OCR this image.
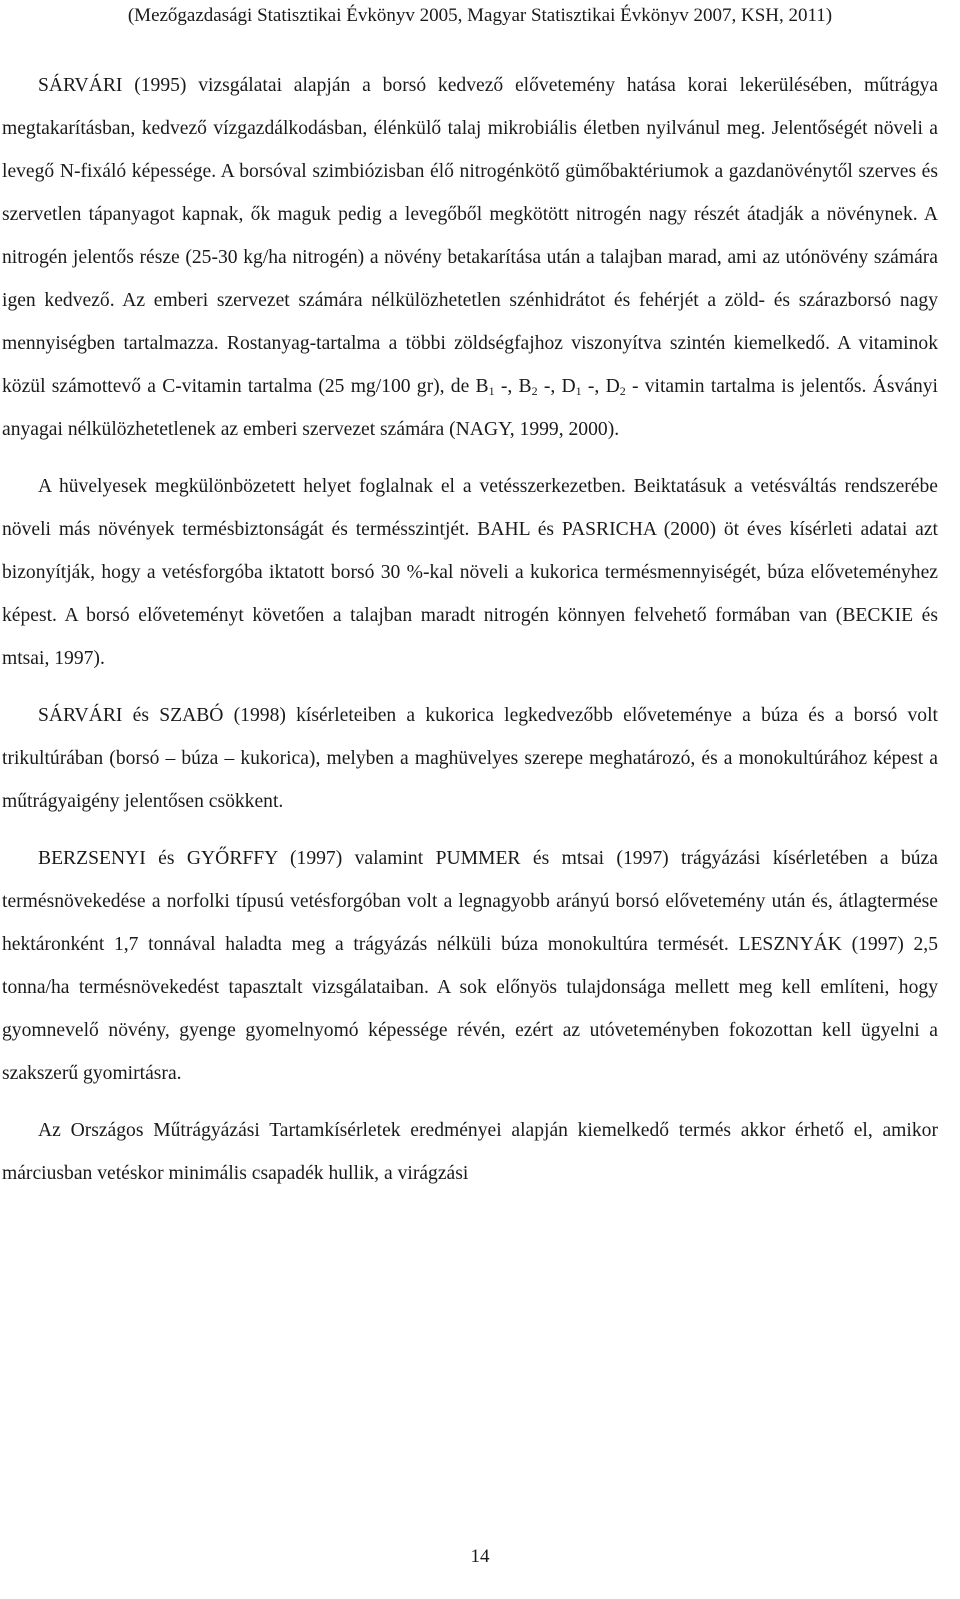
(Mezőgazdasági Statisztikai Évkönyv 2005, Magyar Statisztikai Évkönyv 2007, KSH, 2011)

SÁRVÁRI (1995) vizsgálatai alapján a borsó kedvező elővetemény hatása korai lekerülésében, műtrágya megtakarításban, kedvező vízgazdálkodásban, élénkülő talaj mikrobiális életben nyilvánul meg. Jelentőségét növeli a levegő N-fixáló képessége. A borsóval szimbiózisban élő nitrogénkötő gümőbaktériumok a gazdanövénytől szerves és szervetlen tápanyagot kapnak, ők maguk pedig a levegőből megkötött nitrogén nagy részét átadják a növénynek. A nitrogén jelentős része (25-30 kg/ha nitrogén) a növény betakarítása után a talajban marad, ami az utónövény számára igen kedvező. Az emberi szervezet számára nélkülözhetetlen szénhidrátot és fehérjét a zöld- és szárazborsó nagy mennyiségben tartalmazza. Rostanyag-tartalma a többi zöldségfajhoz viszonyítva szintén kiemelkedő. A vitaminok közül számottevő a C-vitamin tartalma (25 mg/100 gr), de $B_1$ -, $B_2$ -, $D_1$ -, $D_2$ - vitamin tartalma is jelentős. Ásványi anyagai nélkülözhetetlenek az emberi szervezet számára (NAGY, 1999, 2000).

A hüvelyesek megkülönbözetett helyet foglalnak el a vetésszerkezetben. Beiktatásuk a vetésváltás rendszerébe növeli más növények termésbiztonságát és termésszintjét. BAHL és PASRICHA (2000) öt éves kísérleti adatai azt bizonyítják, hogy a vetésforgóba iktatott borsó 30 %-kal növeli a kukorica termésmennyiségét, búza előveteményhez képest. A borsó előveteményt követően a talajban maradt nitrogén könnyen felvehető formában van (BECKIE és mtsai, 1997).

SÁRVÁRI és SZABÓ (1998) kísérleteiben a kukorica legkedvezőbb előveteménye a búza és a borsó volt trikultúrában (borsó – búza – kukorica), melyben a maghüvelyes szerepe meghatározó, és a monokultúrához képest a műtrágyaigény jelentősen csökkent.

BERZSENYI és GYŐRFFY (1997) valamint PUMMER és mtsai (1997) trágyázási kísérletében a búza termésnövekedése a norfolki típusú vetésforgóban volt a legnagyobb arányú borsó elővetemény után és, átlagtermése hektáronként 1,7 tonnával haladta meg a trágyázás nélküli búza monokultúra termését. LESZNYÁK (1997) 2,5 tonna/ha termésnövekedést tapasztalt vizsgálataiban. A sok előnyös tulajdonsága mellett meg kell említeni, hogy gyomnevelő növény, gyenge gyomelnyomó képessége révén, ezért az utóveteményben fokozottan kell ügyelni a szakszerű gyomirtásra.

Az Országos Műtrágyázási Tartamkísérletek eredményei alapján kiemelkedő termés akkor érhető el, amikor márciusban vetéskor minimális csapadék hullik, a virágzási

14
